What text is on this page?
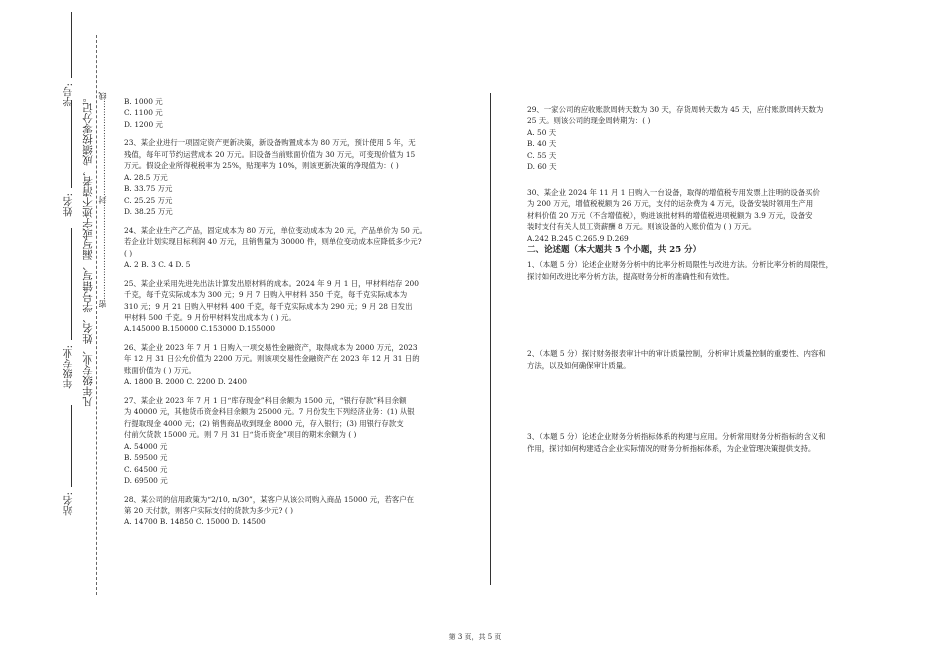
学号:
姓名:
年级专业:
站名:
凡年级专业、姓名、学号错写、漏写或字迹不清者，成绩按零分记。 密………………………………封………………………………线 B. 1000 元

C. 1100 元

D. 1200 元

23、某企业进行一项固定资产更新决策，新设备购置成本为 80 万元，预计使用 5 年，无

残值，每年可节约运营成本 20 万元。旧设备当前账面价值为 30 万元，可变现价值为 15

万元。假设企业所得税税率为 25%，贴现率为 10%，则该更新决策的净现值为：( )

A. 28.5 万元

B. 33.75 万元

C. 25.25 万元

D. 38.25 万元

24、某企业生产乙产品，固定成本为 80 万元，单位变动成本为 20 元，产品单价为 50 元。

若企业计划实现目标利润 40 万元，且销售量为 30000 件，则单位变动成本应降低多少元?

( )

A. 2 B. 3 C. 4 D. 5

25、某企业采用先进先出法计算发出原材料的成本。2024 年 9 月 1 日，甲材料结存 200

千克，每千克实际成本为 300 元；9 月 7 日购入甲材料 350 千克，每千克实际成本为

310 元；9 月 21 日购入甲材料 400 千克，每千克实际成本为 290 元；9 月 28 日发出

甲材料 500 千克。9 月份甲材料发出成本为 ( ) 元。

A.145000 B.150000 C.153000 D.155000

26、某企业 2023 年 7 月 1 日购入一项交易性金融资产，取得成本为 2000 万元，2023

年 12 月 31 日公允价值为 2200 万元。则该项交易性金融资产在 2023 年 12 月 31 日的

账面价值为 ( ) 万元。

A. 1800 B. 2000 C. 2200 D. 2400

27、某企业 2023 年 7 月 1 日“库存现金”科目余额为 1500 元，“银行存款”科目余额

为 40000 元，其他货币资金科目余额为 25000 元。7 月份发生下列经济业务：(1) 从银

行提取现金 4000 元；(2) 销售商品收到现金 8000 元，存入银行；(3) 用银行存款支

付前欠货款 15000 元。则 7 月 31 日“货币资金”项目的期末余额为 ( )

A. 54000 元

B. 59500 元

C. 64500 元

D. 69500 元

28、某公司的信用政策为“2/10, n/30”，某客户从该公司购入商品 15000 元，若客户在

第 20 天付款，则客户实际支付的货款为多少元? ( )

A. 14700 B. 14850 C. 15000 D. 14500

29、一家公司的应收账款周转天数为 30 天，存货周转天数为 45 天，应付账款周转天数为

25 天。则该公司的现金周转期为：( )

A. 50 天

B. 40 天

C. 55 天

D. 60 天

30、某企业 2024 年 11 月 1 日购入一台设备，取得的增值税专用发票上注明的设备买价

为 200 万元，增值税税额为 26 万元，支付的运杂费为 4 万元，设备安装时领用生产用

材料价值 20 万元（不含增值税），购进该批材料的增值税进项税额为 3.9 万元，设备安

装时支付有关人员工资薪酬 8 万元。则该设备的入账价值为 ( ) 万元。

A.242 B.245 C.265.9 D.269

二、论述题（本大题共 5 个小题，共 25 分）

1、（本题 5 分）论述企业财务分析中的比率分析局限性与改进方法。分析比率分析的局限性，

探讨如何改进比率分析方法，提高财务分析的准确性和有效性。

2、（本题 5 分）探讨财务报表审计中的审计质量控制，分析审计质量控制的重要性、内容和

方法，以及如何确保审计质量。

3、（本题 5 分）论述企业财务分析指标体系的构建与应用。分析常用财务分析指标的含义和

作用，探讨如何构建适合企业实际情况的财务分析指标体系，为企业管理决策提供支持。

第 3 页，共 5 页
